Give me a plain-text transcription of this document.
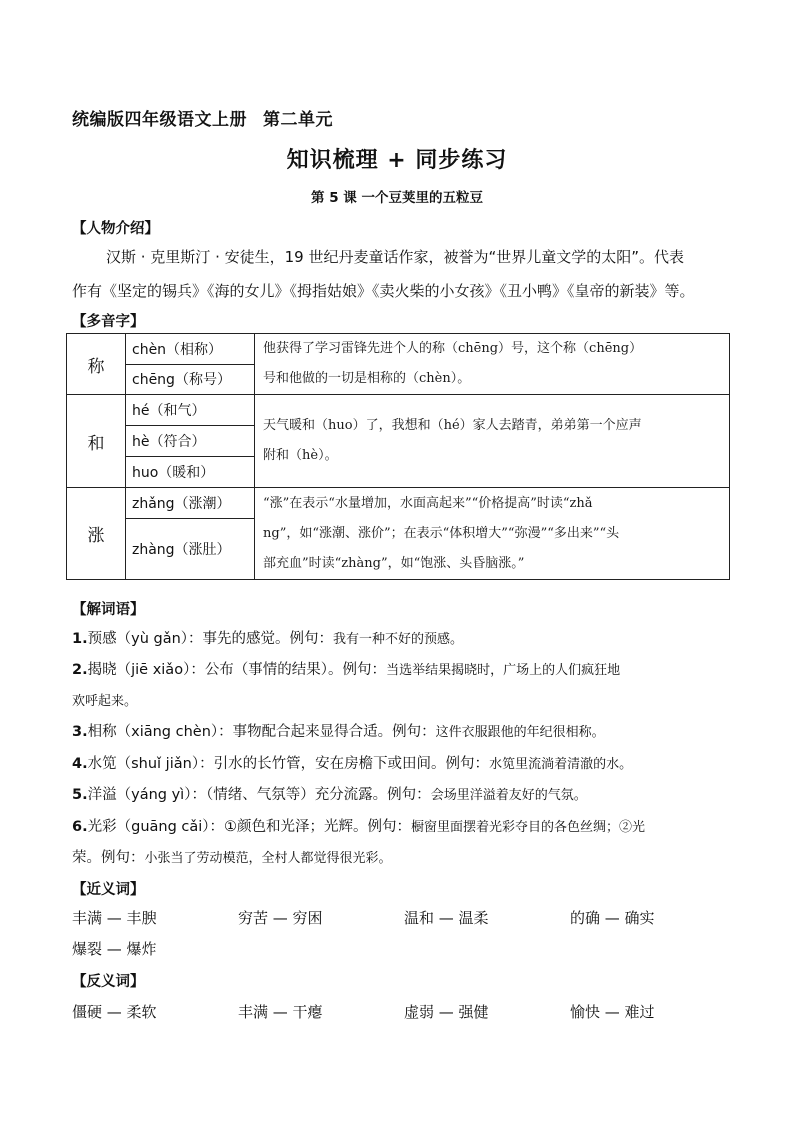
统编版四年级语文上册 第二单元
知识梳理 + 同步练习
第 5 课 一个豆荚里的五粒豆
【人物介绍】
汉斯 · 克里斯汀 · 安徒生，19 世纪丹麦童话作家，被誉为“世界儿童文学的太阳”。代表
作有《坚定的锡兵》《海的女儿》《拇指姑娘》《卖火柴的小女孩》《丑小鸭》《皇帝的新装》等。
【多音字】
称	chèn（相称）	他获得了学习雷锋先进个人的称（chēng）号，这个称（chēng）
号和他做的一切是相称的（chèn）。

	chēng（称号）	
和	hé（和气）	天气暖和（huo）了，我想和（hé）家人去踏青，弟弟第一个应声
附和（hè）。

	hè（符合）	
	huo（暖和）	
涨	zhǎng（涨潮）	“涨”在表示“水量增加，水面高起来”“价格提高”时读“zhǎ
ng”，如“涨潮、涨价”；在表示“体积增大”“弥漫”“多出来”“头
部充血”时读“zhàng”，如“饱涨、头昏脑涨。”

	zhàng（涨肚）	
【解词语】
1.预感（yù gǎn）：事先的感觉。例句：我有一种不好的预感。
2.揭晓（jiē xiǎo）：公布（事情的结果）。例句：当选举结果揭晓时，广场上的人们疯狂地
欢呼起来。
3.相称（xiāng chèn）：事物配合起来显得合适。例句：这件衣服跟他的年纪很相称。
4.水笕（shuǐ jiǎn）：引水的长竹管，安在房檐下或田间。例句：水笕里流淌着清澈的水。
5.洋溢（yáng yì）：（情绪、气氛等）充分流露。例句：会场里洋溢着友好的气氛。
6.光彩（guāng cǎi）：①颜色和光泽；光辉。例句：橱窗里面摆着光彩夺目的各色丝绸；②光
荣。例句：小张当了劳动模范，全村人都觉得很光彩。
【近义词】
丰满 — 丰腴	穷苦 — 穷困	温和 — 温柔	的确 — 确实
爆裂 — 爆炸
【反义词】
僵硬 — 柔软	丰满 — 干瘪	虚弱 — 强健	愉快 — 难过
